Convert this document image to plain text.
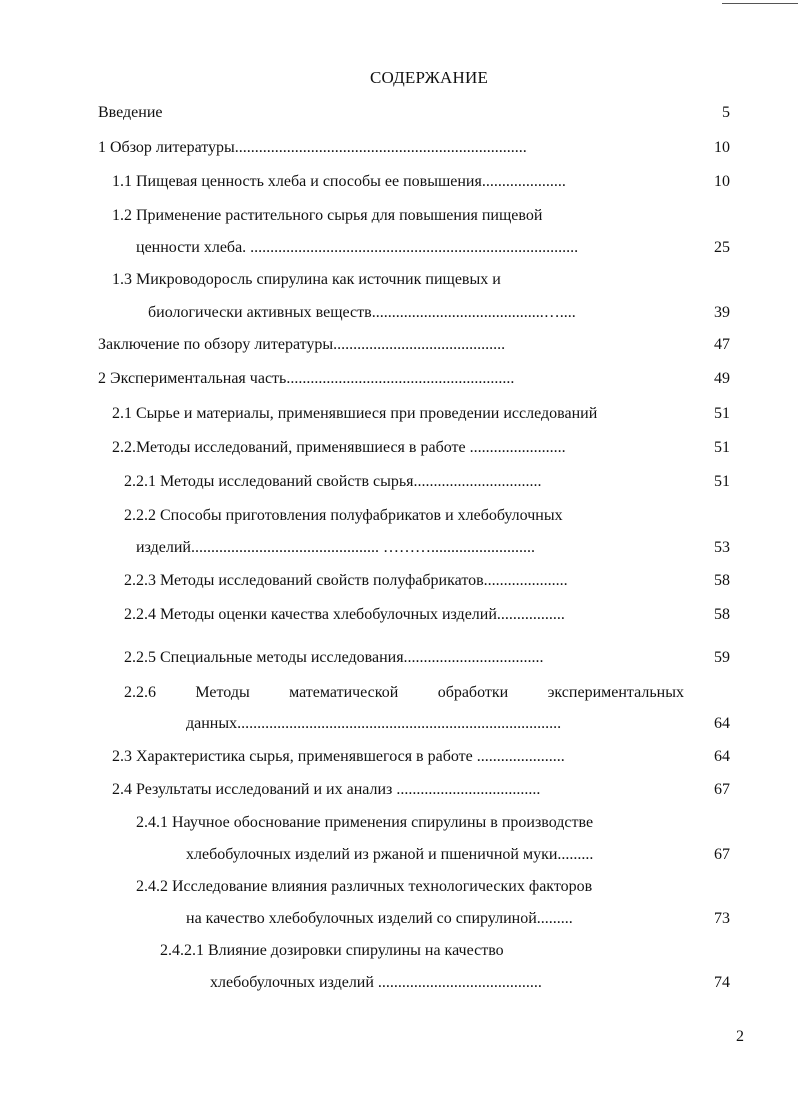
СОДЕРЖАНИЕ
Введение	5
1 Обзор литературы.........................................................................	10
1.1 Пищевая ценность хлеба и способы ее повышения.....................	10
1.2 Применение растительного сырья для повышения пищевой
ценности хлеба. ..................................................................................	25
1.3 Микроводоросль спирулина как источник пищевых и
биологически активных веществ...........................................…....	39
Заключение по обзору литературы...........................................	47
2 Экспериментальная часть.........................................................	49
2.1 Сырье и материалы, применявшиеся при проведении исследований	51
2.2.Методы исследований, применявшиеся в работе ........................	51
2.2.1 Методы исследований свойств сырья................................	51
2.2.2 Способы приготовления полуфабрикатов и хлебобулочных
изделий............................................... ………..........................	53
2.2.3 Методы исследований свойств полуфабрикатов.....................	58
2.2.4 Методы оценки качества хлебобулочных изделий.................	58
2.2.5 Специальные методы исследования...................................	59
2.2.6 Методы математической обработки экспериментальных
данных.................................................................................	64
2.3 Характеристика сырья, применявшегося в работе ......................	64
2.4 Результаты исследований и их анализ ....................................	67
2.4.1 Научное обоснование применения спирулины в производстве
хлебобулочных изделий из ржаной и пшеничной муки.........	67
2.4.2 Исследование влияния различных технологических факторов
на качество хлебобулочных изделий со спирулиной.........	73
2.4.2.1 Влияние дозировки спирулины на качество
хлебобулочных изделий .........................................	74
2
